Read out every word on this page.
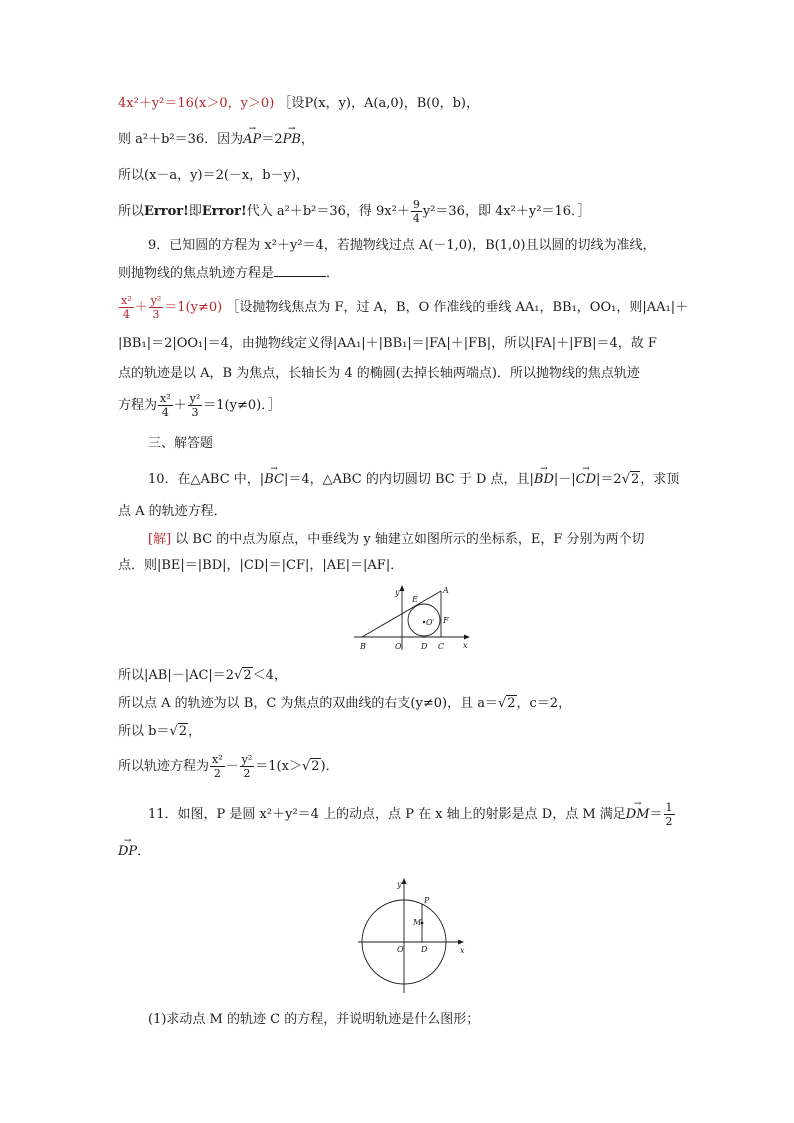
4x²＋y²＝16(x＞0，y＞0) ［设P(x，y)，A(a,0)，B(0，b)，
则 a²＋b²＝36．因为→ AP＝2→ PB，
所以(x－a，y)＝2(－x，b－y)，
所以Error!即Error!代入 a²＋b²＝36，得 $9x^2+ \frac{9}{4} y^2=36$，即 4x²＋y²＝16．］
9．已知圆的方程为 x²＋y²＝4，若抛物线过点 A(－1,0)，B(1,0)且以圆的切线为准线，
则抛物线的焦点轨迹方程是	．
$\frac{\text{x²}}{4} + \frac{\text{y²}}{3} =1(y\ne 0)$ ［设抛物线焦点为 F，过 A，B，O 作准线的垂线 AA₁，BB₁，OO₁，则|AA₁|＋
|BB₁|＝2|OO₁|＝4，由抛物线定义得|AA₁|＋|BB₁|＝|FA|＋|FB|，所以|FA|＋|FB|＝4，故 F
点的轨迹是以 A，B 为焦点，长轴长为 4 的椭圆(去掉长轴两端点)．所以抛物线的焦点轨迹
方程为 $\frac{\text{x²}}{4} + \frac{\text{y²}}{3} =1(y\ne 0)$．］
三、解答题
10．在△ABC 中，|→ BC|＝4，△ABC 的内切圆切 BC 于 D 点，且|→ BD|－|→ CD|＝2√2，求顶
点 A 的轨迹方程．
[解] 以 BC 的中点为原点，中垂线为 y 轴建立如图所示的坐标系，E，F 分别为两个切
点．则|BE|＝|BD|，|CD|＝|CF|，|AE|＝|AF|．
y
x
A
E
F
O′
B	O D C
所以|AB|－|AC|＝2√2＜4，
所以点 A 的轨迹为以 B，C 为焦点的双曲线的右支(y≠0)，且 a＝√2，c＝2，
所以 b＝√2，
所以轨迹方程为 $\frac{\text{x²}}{2} - \frac{\text{y²}}{2} =1(x>√2)$．
11．如图，P 是圆 x²＋y²＝4 上的动点，点 P 在 x 轴上的射影是点 D，点 M 满足→ $DM= \frac{1}{2}$
→ DP．
y
P
M
x
O D
(1)求动点 M 的轨迹 C 的方程，并说明轨迹是什么图形；
